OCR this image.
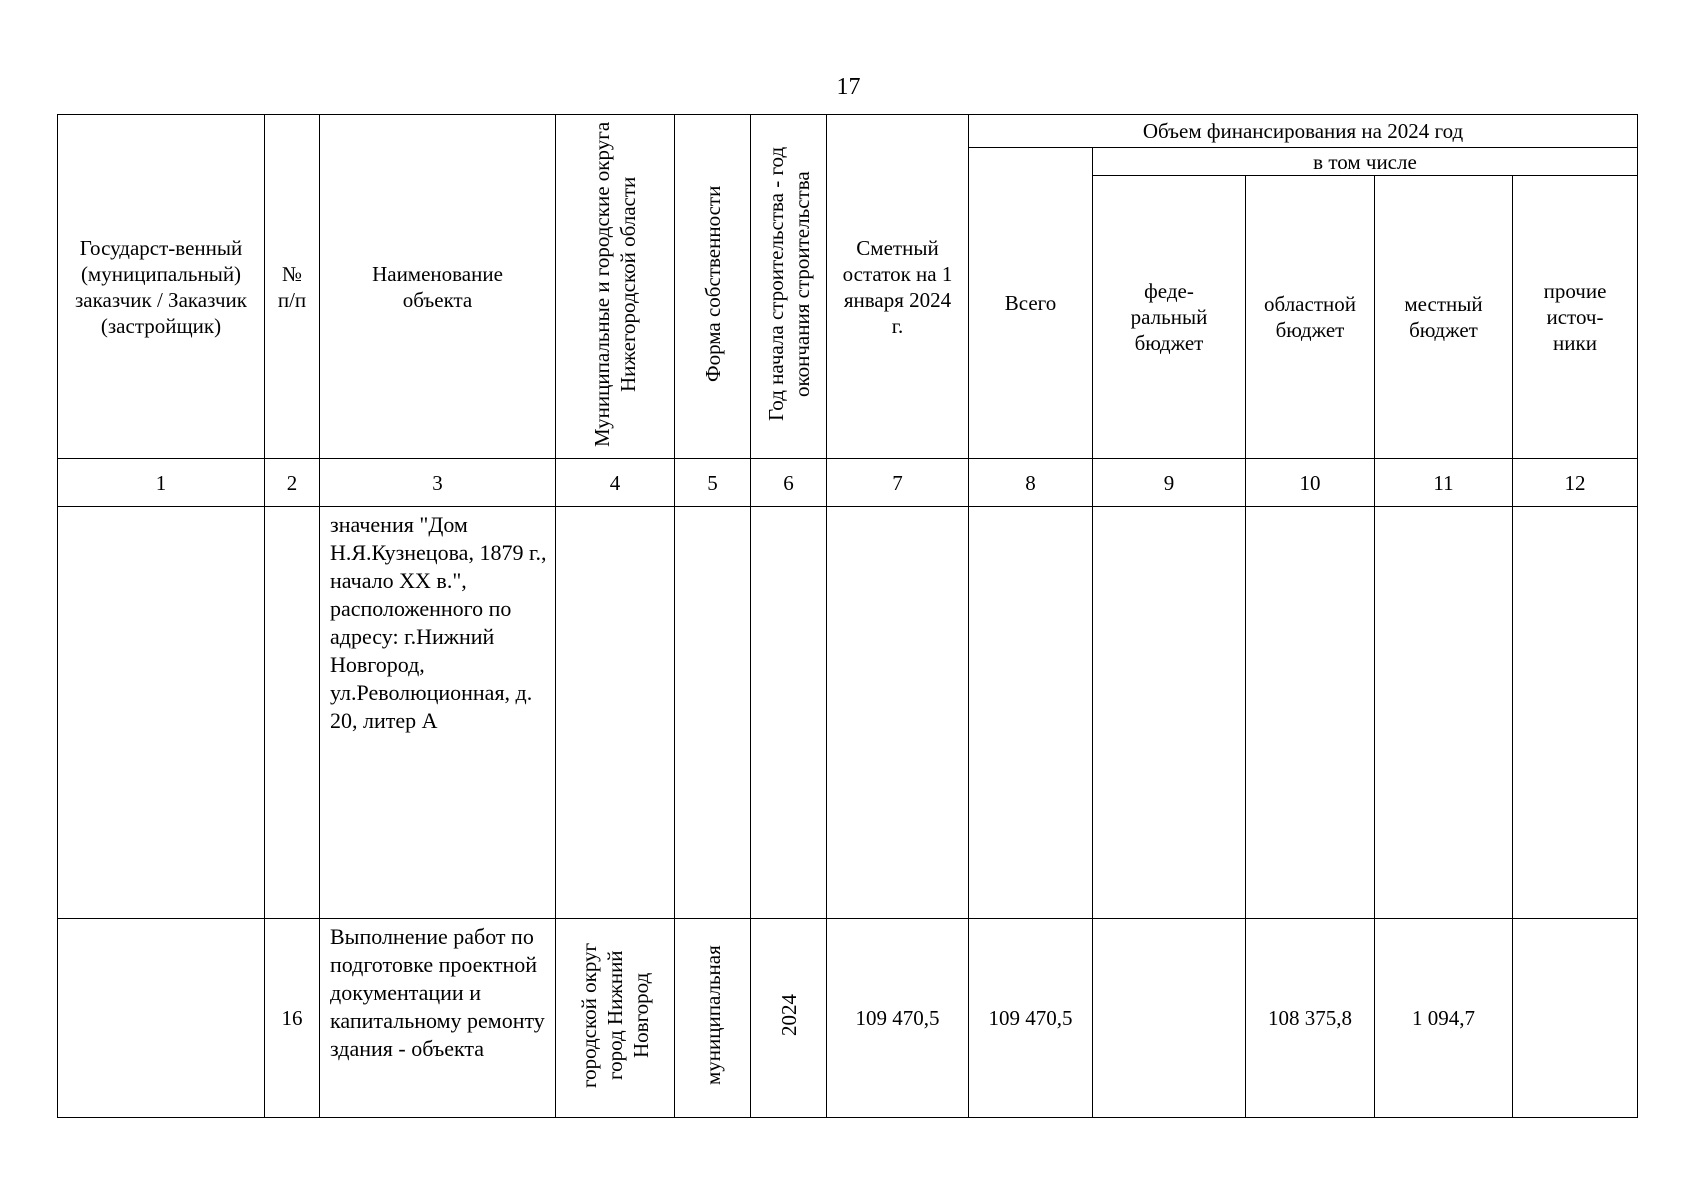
17
Государст-венный (муниципальный) заказчик / Заказчик (застройщик)	№ п/п	Наименование объекта	Муниципальные и городские округа Нижегородской области	Форма собственности	Год начала строительства - год окончания строительства	Сметный остаток на 1 января 2024 г.	Объем финансирования на 2024 год				
							Всего	в том числе			

								феде-ральный бюджет	областной бюджет	местный бюджет	прочие источ-ники

1	2	3	4	5	6	7	8	9	10	11	12
		значения "Дом Н.Я.Кузнецова, 1879 г., начало XX в.", расположенного по адресу: г.Нижний Новгород, ул.Революционная, д. 20, литер А									
	16	Выполнение работ по подготовке проектной документации и капитальному ремонту здания - объекта	городской округ город Нижний Новгород	муниципальная	2024	109 470,5	109 470,5		108 375,8	1 094,7	
